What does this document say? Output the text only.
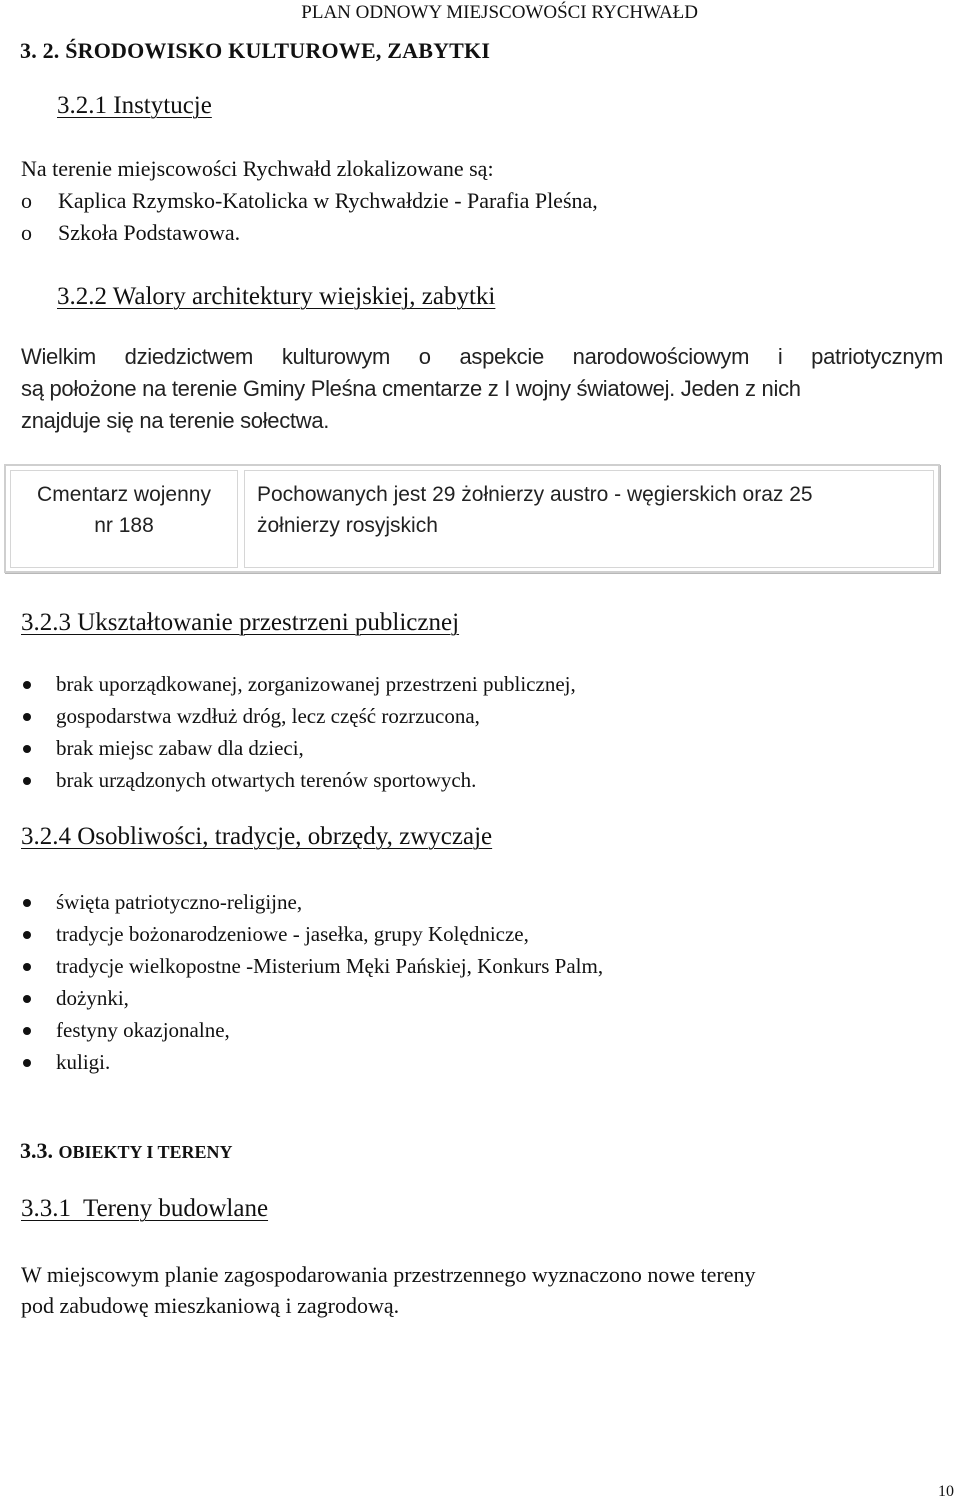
PLAN ODNOWY MIEJSCOWOŚCI RYCHWAŁD
3. 2. ŚRODOWISKO KULTUROWE, ZABYTKI
3.2.1 Instytucje
Na terenie miejscowości Rychwałd zlokalizowane są:
o Kaplica Rzymsko-Katolicka w Rychwałdzie - Parafia Pleśna,
o Szkoła Podstawowa.
3.2.2 Walory architektury wiejskiej, zabytki
Wielkim dziedzictwem kulturowym o aspekcie narodowościowym i patriotycznym
są położone na terenie Gminy Pleśna cmentarze z I wojny światowej. Jeden z nich
znajduje się na terenie sołectwa.
Cmentarz wojenny
nr 188
Pochowanych jest 29 żołnierzy austro - węgierskich oraz 25
żołnierzy rosyjskich
3.2.3 Ukształtowanie przestrzeni publicznej
brak uporządkowanej, zorganizowanej przestrzeni publicznej,
gospodarstwa wzdłuż dróg, lecz część rozrzucona,
brak miejsc zabaw dla dzieci,
brak urządzonych otwartych terenów sportowych.
3.2.4 Osobliwości, tradycje, obrzędy, zwyczaje
święta patriotyczno-religijne,
tradycje bożonarodzeniowe - jasełka, grupy Kolędnicze,
tradycje wielkopostne -Misterium Męki Pańskiej, Konkurs Palm,
dożynki,
festyny okazjonalne,
kuligi.
3.3. OBIEKTY I TERENY
3.3.1  Tereny budowlane
W miejscowym planie zagospodarowania przestrzennego wyznaczono nowe tereny
pod zabudowę mieszkaniową i zagrodową.
10
